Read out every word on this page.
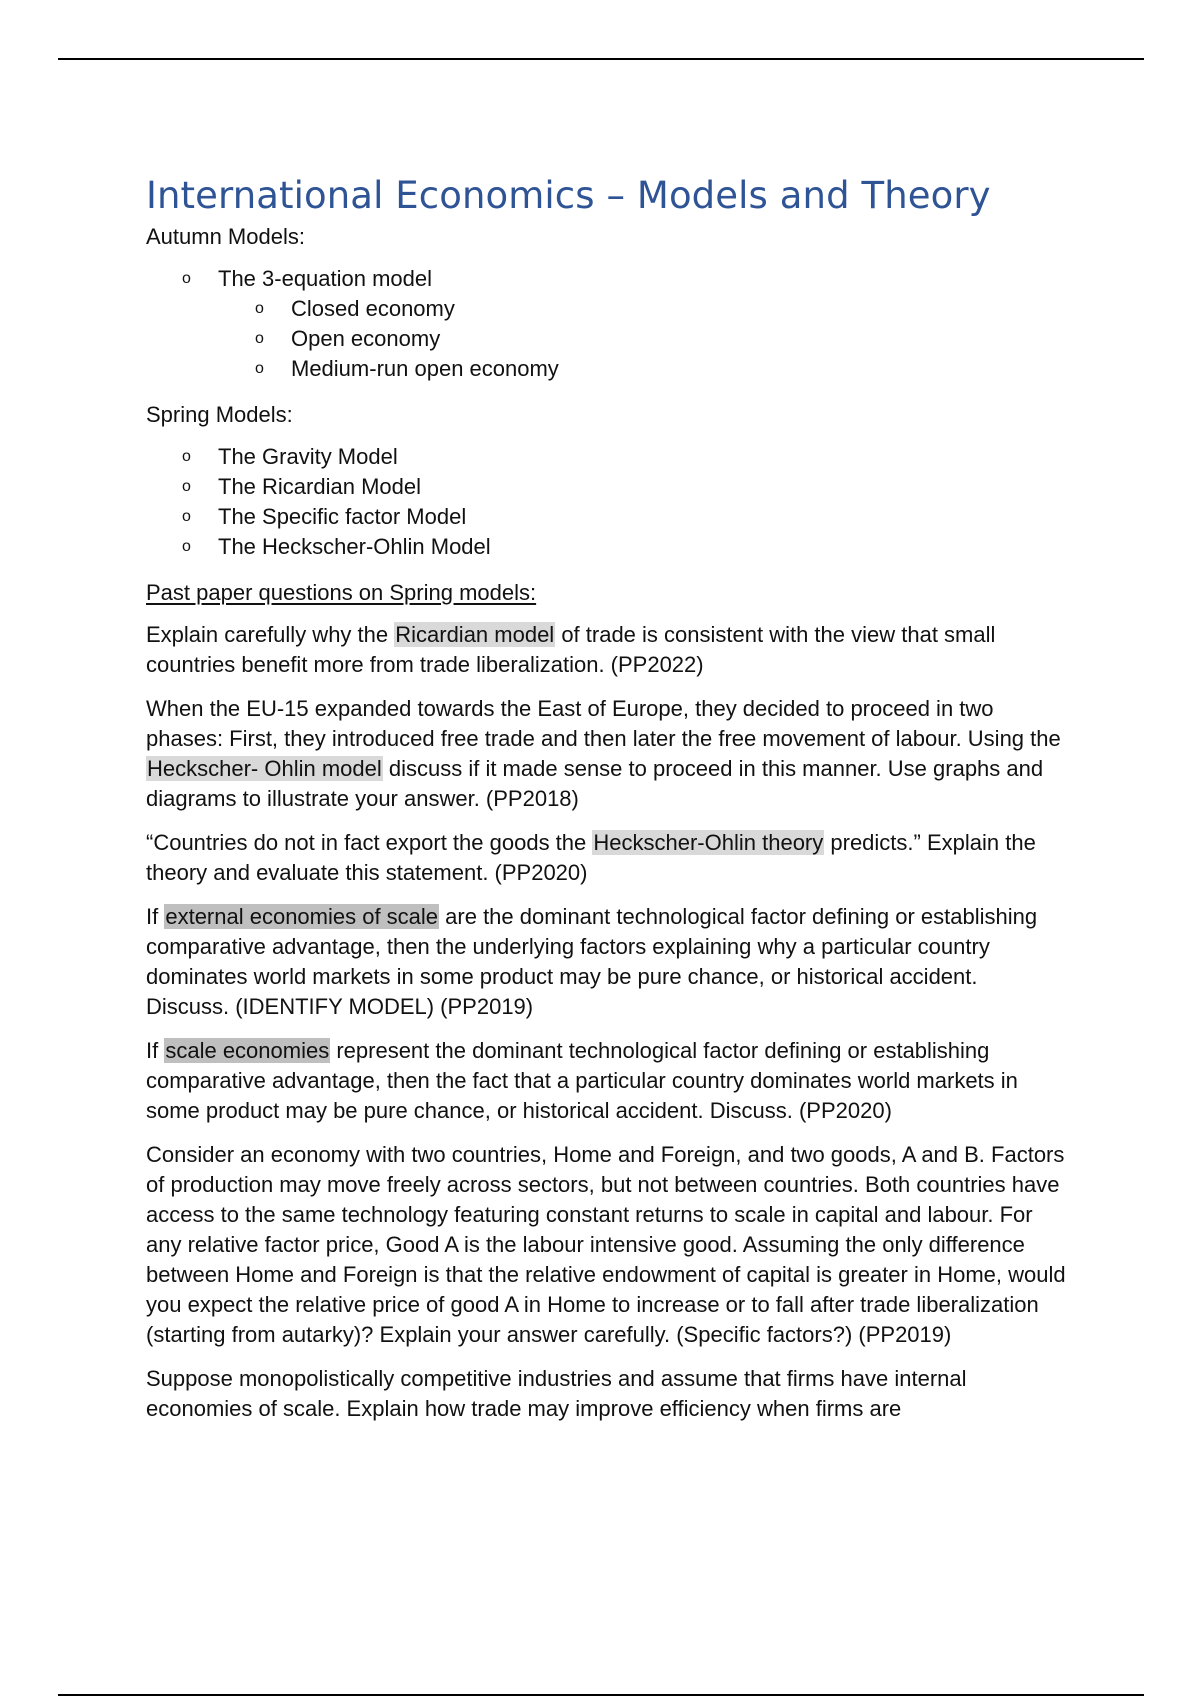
International Economics – Models and Theory

Autumn Models:

o The 3-equation model
o Closed economy
o Open economy
o Medium-run open economy

Spring Models:

o The Gravity Model
o The Ricardian Model
o The Specific factor Model
o The Heckscher-Ohlin Model

Past paper questions on Spring models:

Explain carefully why the Ricardian model of trade is consistent with the view that small countries benefit more from trade liberalization. (PP2022)

When the EU-15 expanded towards the East of Europe, they decided to proceed in two phases: First, they introduced free trade and then later the free movement of labour. Using the Heckscher- Ohlin model discuss if it made sense to proceed in this manner. Use graphs and diagrams to illustrate your answer. (PP2018)

“Countries do not in fact export the goods the Heckscher-Ohlin theory predicts.” Explain the theory and evaluate this statement. (PP2020)

If external economies of scale are the dominant technological factor defining or establishing comparative advantage, then the underlying factors explaining why a particular country dominates world markets in some product may be pure chance, or historical accident. Discuss. (IDENTIFY MODEL) (PP2019)

If scale economies represent the dominant technological factor defining or establishing comparative advantage, then the fact that a particular country dominates world markets in some product may be pure chance, or historical accident. Discuss. (PP2020)

Consider an economy with two countries, Home and Foreign, and two goods, A and B. Factors of production may move freely across sectors, but not between countries. Both countries have access to the same technology featuring constant returns to scale in capital and labour. For any relative factor price, Good A is the labour intensive good. Assuming the only difference between Home and Foreign is that the relative endowment of capital is greater in Home, would you expect the relative price of good A in Home to increase or to fall after trade liberalization (starting from autarky)? Explain your answer carefully. (Specific factors?) (PP2019)

Suppose monopolistically competitive industries and assume that firms have internal economies of scale. Explain how trade may improve efficiency when firms are
